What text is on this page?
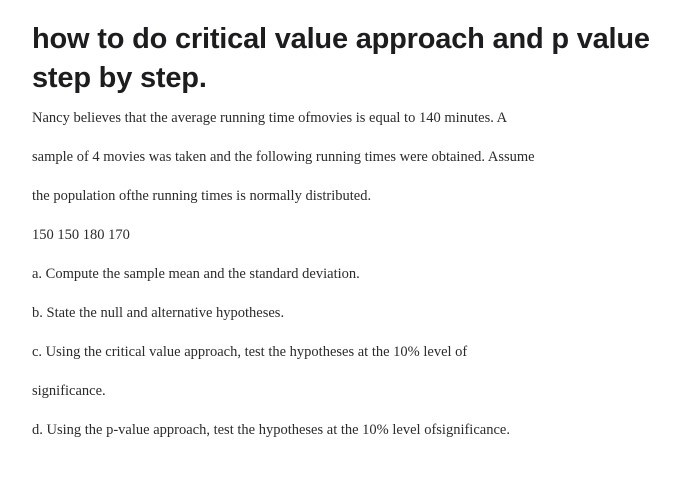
how to do critical value approach and p value step by step.

Nancy believes that the average running time ofmovies is equal to 140 minutes. A

sample of 4 movies was taken and the following running times were obtained. Assume

the population ofthe running times is normally distributed.

150 150 180 170

a. Compute the sample mean and the standard deviation.

b. State the null and alternative hypotheses.

c. Using the critical value approach, test the hypotheses at the 10% level of

significance.

d. Using the p-value approach, test the hypotheses at the 10% level ofsignificance.
